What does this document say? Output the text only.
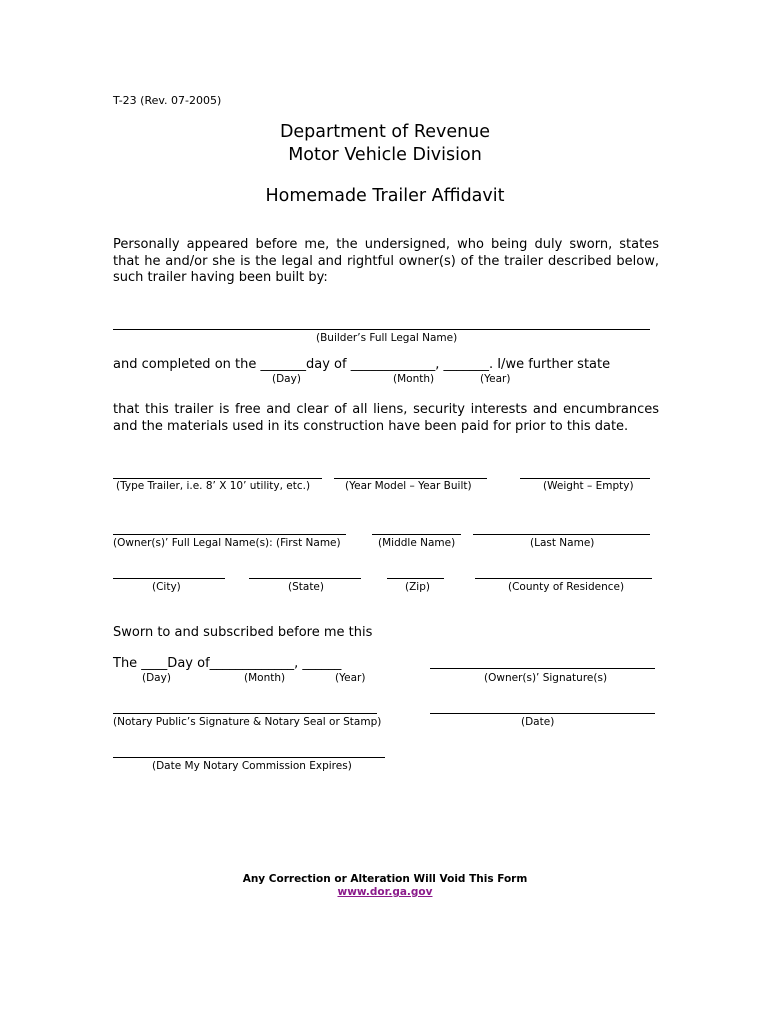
T-23 (Rev. 07-2005)
Department of Revenue
Motor Vehicle Division
Homemade Trailer Affidavit
Personally appeared before me, the undersigned, who being duly sworn, states that he and/or she is the legal and rightful owner(s) of the trailer described below, such trailer having been built by:
(Builder’s Full Legal Name)
and completed on the _______day of _____________, _______. I/we further state
(Day)	(Month)	(Year)
that this trailer is free and clear of all liens, security interests and encumbrances and the materials used in its construction have been paid for prior to this date.
(Type Trailer, i.e. 8’ X 10’ utility, etc.)	(Year Model – Year Built)	(Weight – Empty)
(Owner(s)’ Full Legal Name(s): (First Name)	(Middle Name)	(Last Name)
(City)	(State)	(Zip)	(County of Residence)
Sworn to and subscribed before me this
The ____Day of_____________, ______
(Day)	(Month)	(Year)	(Owner(s)’ Signature(s)
(Notary Public’s Signature & Notary Seal or Stamp)	(Date)
(Date My Notary Commission Expires)
Any Correction or Alteration Will Void This Form
www.dor.ga.gov
